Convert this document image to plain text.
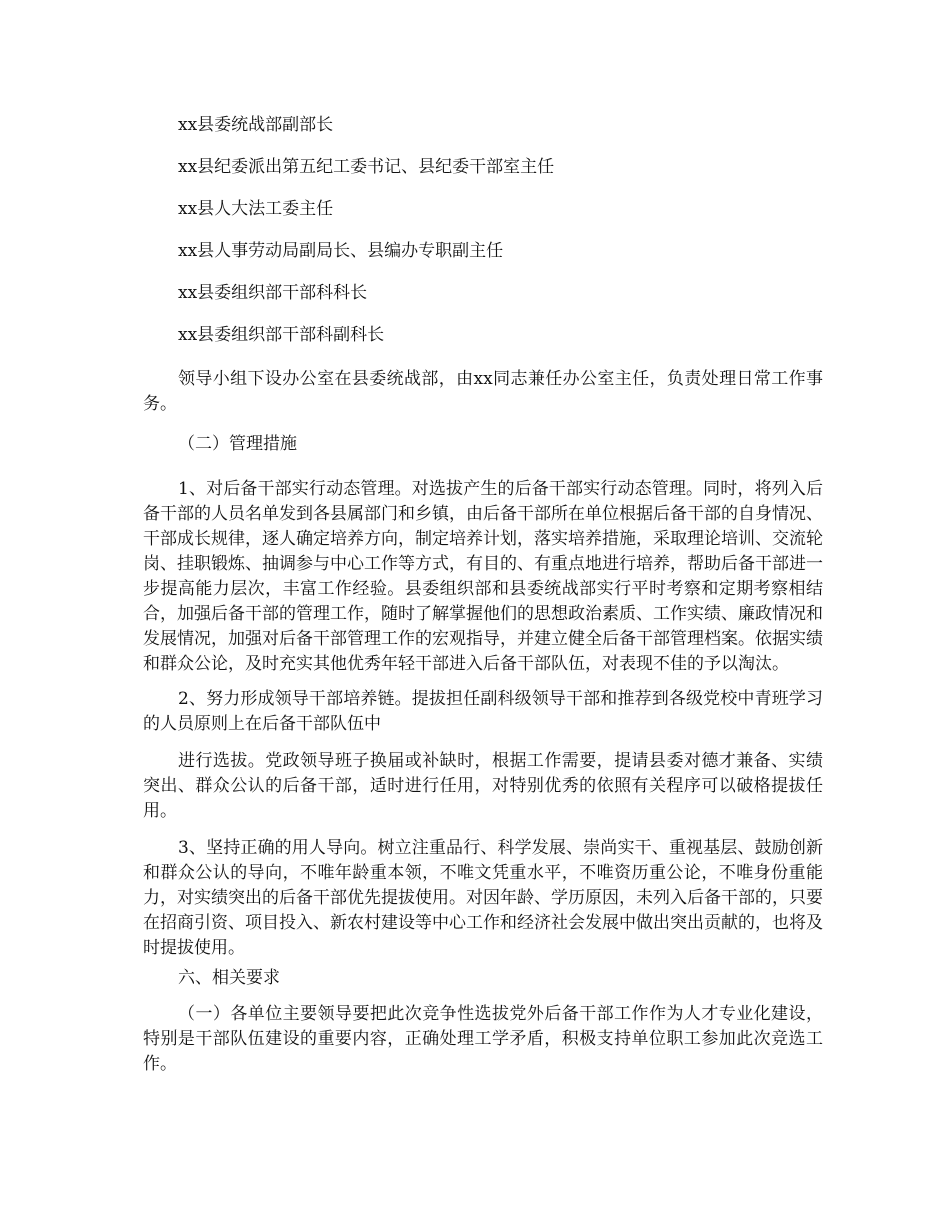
xx县委统战部副部长

xx县纪委派出第五纪工委书记、县纪委干部室主任

xx县人大法工委主任

xx县人事劳动局副局长、县编办专职副主任

xx县委组织部干部科科长

xx县委组织部干部科副科长

领导小组下设办公室在县委统战部，由xx同志兼任办公室主任，负责处理日常工作事务。

（二）管理措施

1、对后备干部实行动态管理。对选拔产生的后备干部实行动态管理。同时，将列入后备干部的人员名单发到各县属部门和乡镇，由后备干部所在单位根据后备干部的自身情况、干部成长规律，逐人确定培养方向，制定培养计划，落实培养措施，采取理论培训、交流轮岗、挂职锻炼、抽调参与中心工作等方式，有目的、有重点地进行培养，帮助后备干部进一步提高能力层次，丰富工作经验。县委组织部和县委统战部实行平时考察和定期考察相结合，加强后备干部的管理工作，随时了解掌握他们的思想政治素质、工作实绩、廉政情况和发展情况，加强对后备干部管理工作的宏观指导，并建立健全后备干部管理档案。依据实绩和群众公论，及时充实其他优秀年轻干部进入后备干部队伍，对表现不佳的予以淘汰。

2、努力形成领导干部培养链。提拔担任副科级领导干部和推荐到各级党校中青班学习的人员原则上在后备干部队伍中

进行选拔。党政领导班子换届或补缺时，根据工作需要，提请县委对德才兼备、实绩突出、群众公认的后备干部，适时进行任用，对特别优秀的依照有关程序可以破格提拔任用。

3、坚持正确的用人导向。树立注重品行、科学发展、崇尚实干、重视基层、鼓励创新和群众公认的导向，不唯年龄重本领，不唯文凭重水平，不唯资历重公论，不唯身份重能力，对实绩突出的后备干部优先提拔使用。对因年龄、学历原因，未列入后备干部的，只要在招商引资、项目投入、新农村建设等中心工作和经济社会发展中做出突出贡献的，也将及时提拔使用。

六、相关要求

（一）各单位主要领导要把此次竞争性选拔党外后备干部工作作为人才专业化建设，特别是干部队伍建设的重要内容，正确处理工学矛盾，积极支持单位职工参加此次竞选工作。
